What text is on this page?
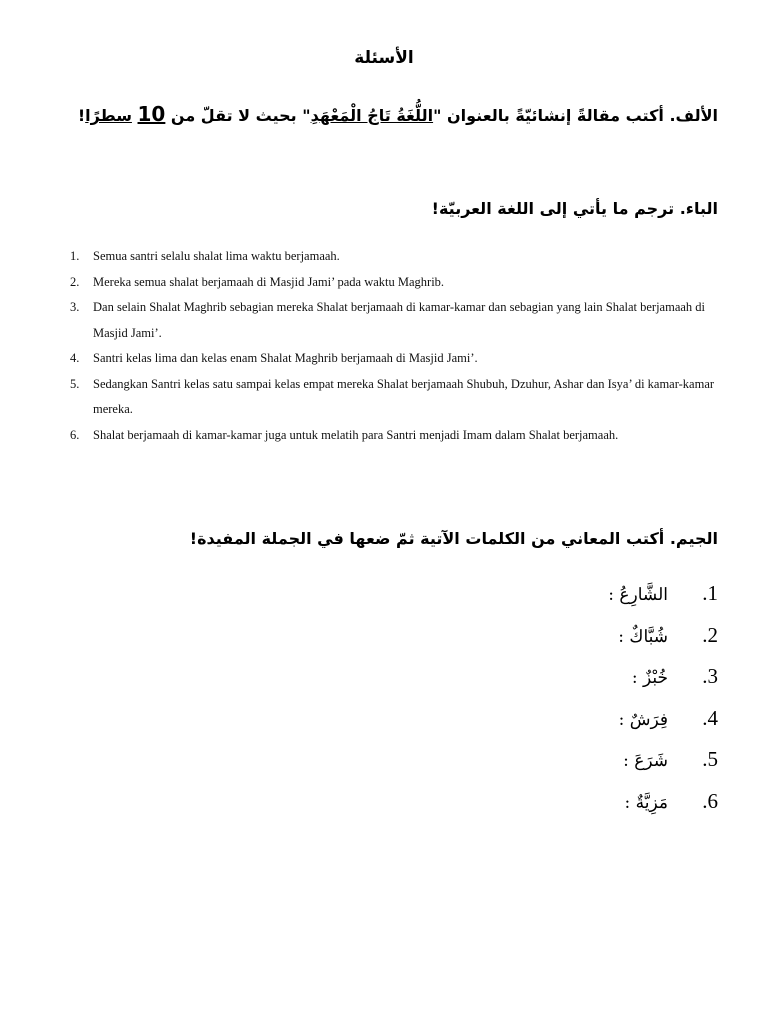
الأسئلة

الألف. أكتب مقالةً إنشائيّةً بالعنوان "اللُّغَةُ تَاجُ الْمَعْهَدِ" بحيث لا تقلّ من 10 سطرًا!

الباء. ترجم ما يأتي إلى اللغة العربيّة!

1. Semua santri selalu shalat lima waktu berjamaah.
2. Mereka semua shalat berjamaah di Masjid Jami’ pada waktu Maghrib.
3. Dan selain Shalat Maghrib sebagian mereka Shalat berjamaah di kamar-kamar dan sebagian yang lain Shalat berjamaah di Masjid Jami’.
4. Santri kelas lima dan kelas enam Shalat Maghrib berjamaah di Masjid Jami’.
5. Sedangkan Santri kelas satu sampai kelas empat mereka Shalat berjamaah Shubuh, Dzuhur, Ashar dan Isya’ di kamar-kamar mereka.
6. Shalat berjamaah di kamar-kamar juga untuk melatih para Santri menjadi Imam dalam Shalat berjamaah.

الجيم. أكتب المعاني من الكلمات الآتية ثمّ ضعها في الجملة المفيدة!

الشَّارِعُ :	1.
شُبَّاكٌ :	2.
خُبْزٌ :	3.
فِرَشٌ :	4.
شَرَعَ :	5.
مَزِيَّةٌ :	6.
